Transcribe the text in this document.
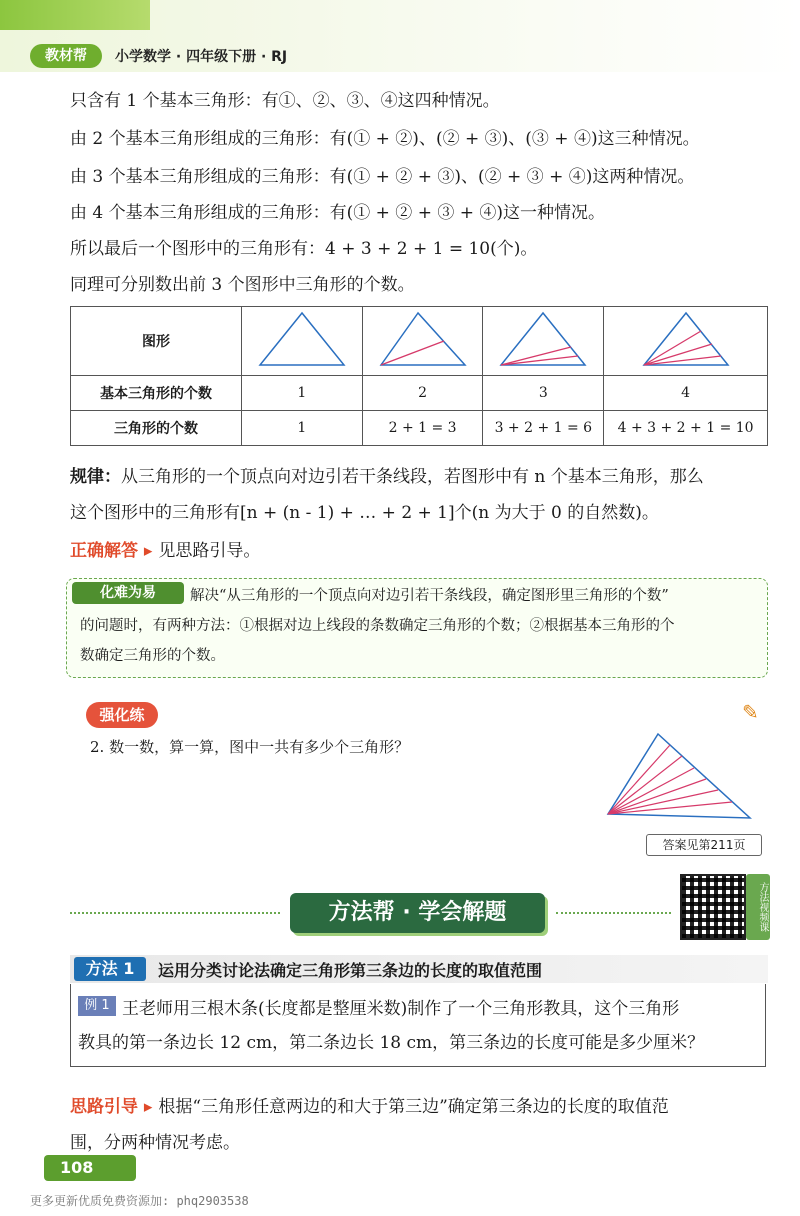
教材帮	小学数学 · 四年级下册 · RJ
只含有 1 个基本三角形：有①、②、③、④这四种情况。
由 2 个基本三角形组成的三角形：有(① + ②)、(② + ③)、(③ + ④)这三种情况。
由 3 个基本三角形组成的三角形：有(① + ② + ③)、(② + ③ + ④)这两种情况。
由 4 个基本三角形组成的三角形：有(① + ② + ③ + ④)这一种情况。
所以最后一个图形中的三角形有：4 + 3 + 2 + 1 = 10(个)。
同理可分别数出前 3 个图形中三角形的个数。
图形				
基本三角形的个数	1	2	3	4
三角形的个数	1	2 + 1 = 3	3 + 2 + 1 = 6	4 + 3 + 2 + 1 = 10
规律：从三角形的一个顶点向对边引若干条线段，若图形中有 n 个基本三角形，那么
这个图形中的三角形有[n + (n - 1) + … + 2 + 1]个(n 为大于 0 的自然数)。
正确解答 ▸ 见思路引导。
化难为易	解决“从三角形的一个顶点向对边引若干条线段，确定图形里三角形的个数”
的问题时，有两种方法：①根据对边上线段的条数确定三角形的个数；②根据基本三角形的个
数确定三角形的个数。
强化练	✎
2. 数一数，算一算，图中一共有多少个三角形？
答案见第211页
方法帮 · 学会解题	方法视频课
方法 1	运用分类讨论法确定三角形第三条边的长度的取值范围
例 1 王老师用三根木条(长度都是整厘米数)制作了一个三角形教具，这个三角形
教具的第一条边长 12 cm，第二条边长 18 cm，第三条边的长度可能是多少厘米？
思路引导 ▸ 根据“三角形任意两边的和大于第三边”确定第三条边的长度的取值范
围，分两种情况考虑。
108
更多更新优质免费资源加: phq2903538
